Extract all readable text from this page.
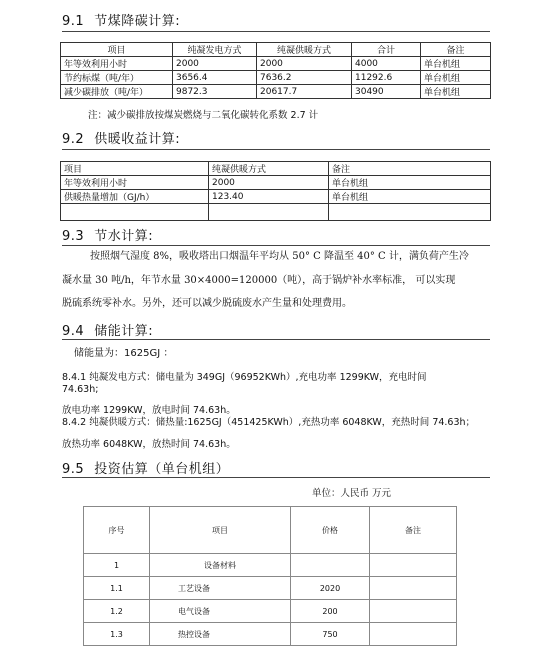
9.1 节煤降碳计算:
项目	纯凝发电方式	纯凝供暖方式	合计	备注
年等效利用小时	2000	2000	4000	单台机组
节约标煤（吨/年）	3656.4	7636.2	11292.6	单台机组
减少碳排放（吨/年）	9872.3	20617.7	30490	单台机组
注：减少碳排放按煤炭燃烧与二氧化碳转化系数 2.7 计
9.2 供暖收益计算:
项目	纯凝供暖方式	备注
年等效利用小时	2000	单台机组
供暖热量增加（GJ/h）	123.40	单台机组

9.3 节水计算:
按照烟气湿度 8%，吸收塔出口烟温年平均从 50° C 降温至 40° C 计，满负荷产生冷
凝水量 30 吨/h，年节水量 30×4000=120000（吨），高于锅炉补水率标准， 可以实现
脱硫系统零补水。另外，还可以减少脱硫废水产生量和处理费用。
9.4 储能计算:
储能量为：1625GJ ：
8.4.1 纯凝发电方式：储电量为 349GJ（96952KWh）,充电功率 1299KW，充电时间
74.63h;
放电功率 1299KW，放电时间 74.63h。
8.4.2 纯凝供暖方式：储热量:1625GJ（451425KWh）,充热功率 6048KW，充热时间 74.63h；
放热功率 6048KW，放热时间 74.63h。
9.5 投资估算（单台机组）
单位：人民币 万元
序号	项目	价格	备注
1	设备材料		
1.1	工艺设备	2020	
1.2	电气设备	200	
1.3	热控设备	750	
